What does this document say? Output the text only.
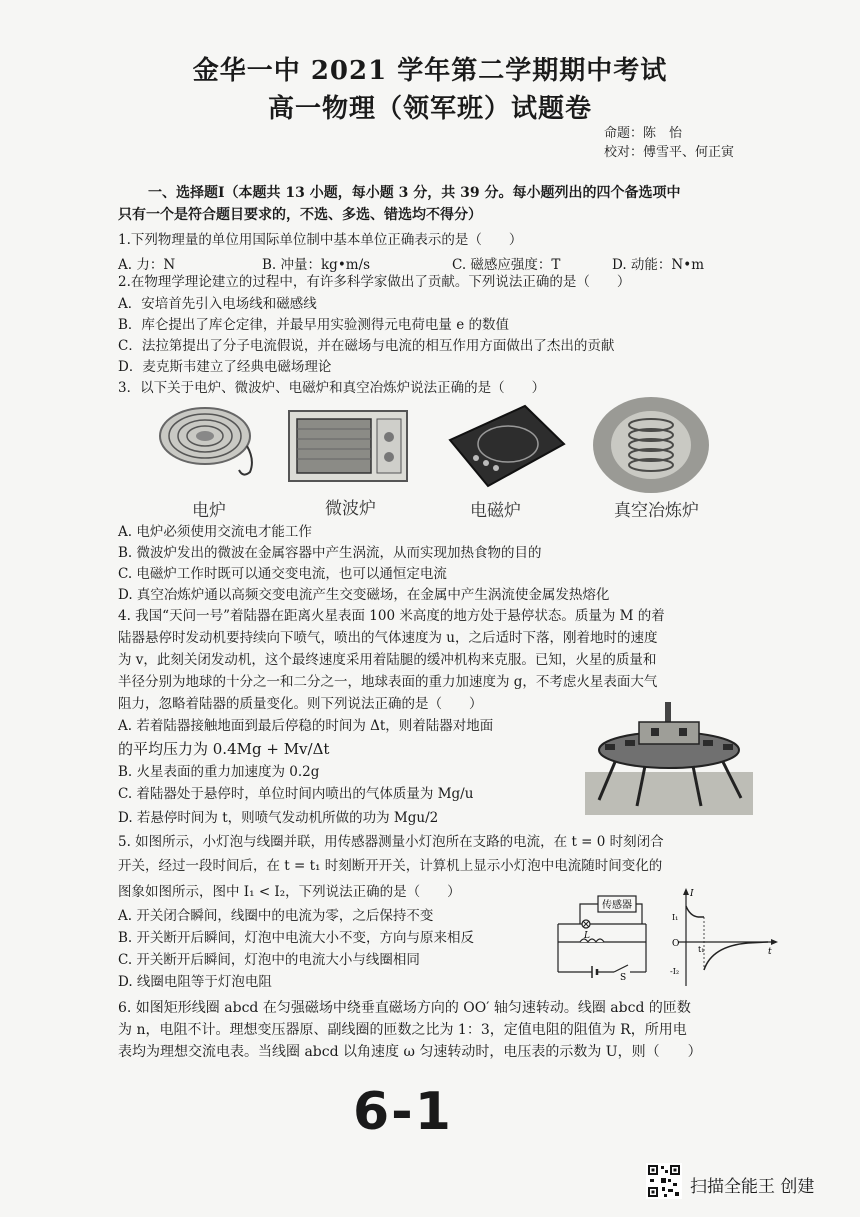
金华一中 2021 学年第二学期期中考试
高一物理（领军班）试题卷
命题：陈　怡
校对：傅雪平、何正寅
一、选择题Ⅰ（本题共 13 小题，每小题 3 分，共 39 分。每小题列出的四个备选项中
只有一个是符合题目要求的，不选、多选、错选均不得分）
1.下列物理量的单位用国际单位制中基本单位正确表示的是（　　）
A. 力：N	B. 冲量：kg•m/s	C. 磁感应强度：T	D. 动能：N•m
2.在物理学理论建立的过程中，有许多科学家做出了贡献。下列说法正确的是（　　）
A．安培首先引入电场线和磁感线
B．库仑提出了库仑定律，并最早用实验测得元电荷电量 e 的数值
C．法拉第提出了分子电流假说，并在磁场与电流的相互作用方面做出了杰出的贡献
D．麦克斯韦建立了经典电磁场理论
3．以下关于电炉、微波炉、电磁炉和真空冶炼炉说法正确的是（　　）
电炉	微波炉	电磁炉	真空冶炼炉
A. 电炉必须使用交流电才能工作
B. 微波炉发出的微波在金属容器中产生涡流，从而实现加热食物的目的
C. 电磁炉工作时既可以通交变电流，也可以通恒定电流
D. 真空冶炼炉通以高频交变电流产生交变磁场，在金属中产生涡流使金属发热熔化
4. 我国“天问一号”着陆器在距离火星表面 100 米高度的地方处于悬停状态。质量为 M 的着
陆器悬停时发动机要持续向下喷气，喷出的气体速度为 u，之后适时下落，刚着地时的速度
为 v，此刻关闭发动机，这个最终速度采用着陆腿的缓冲机构来克服。已知，火星的质量和
半径分别为地球的十分之一和二分之一，地球表面的重力加速度为 g，不考虑火星表面大气
阻力，忽略着陆器的质量变化。则下列说法正确的是（　　）
A. 若着陆器接触地面到最后停稳的时间为 Δt，则着陆器对地面
的平均压力为 0.4Mg + Mv/Δt
B. 火星表面的重力加速度为 0.2g
C. 着陆器处于悬停时，单位时间内喷出的气体质量为 Mg/u
D. 若悬停时间为 t，则喷气发动机所做的功为 Mgu/2
5. 如图所示，小灯泡与线圈并联，用传感器测量小灯泡所在支路的电流，在 t = 0 时刻闭合
开关，经过一段时间后，在 t = t₁ 时刻断开开关，计算机上显示小灯泡中电流随时间变化的
图象如图所示，图中 I₁ < I₂，下列说法正确的是（　　）
A. 开关闭合瞬间，线圈中的电流为零，之后保持不变
B. 开关断开后瞬间，灯泡中电流大小不变，方向与原来相反
C. 开关断开后瞬间，灯泡中的电流大小与线圈相同
D. 线圈电阻等于灯泡电阻
传感器
L
S
I
t
O
I₁
-I₂
t₁
6. 如图矩形线圈 abcd 在匀强磁场中绕垂直磁场方向的 OO′ 轴匀速转动。线圈 abcd 的匝数
为 n，电阻不计。理想变压器原、副线圈的匝数之比为 1：3，定值电阻的阻值为 R，所用电
表均为理想交流电表。当线圈 abcd 以角速度 ω 匀速转动时，电压表的示数为 U，则（　　）
6-1
扫描全能王 创建
